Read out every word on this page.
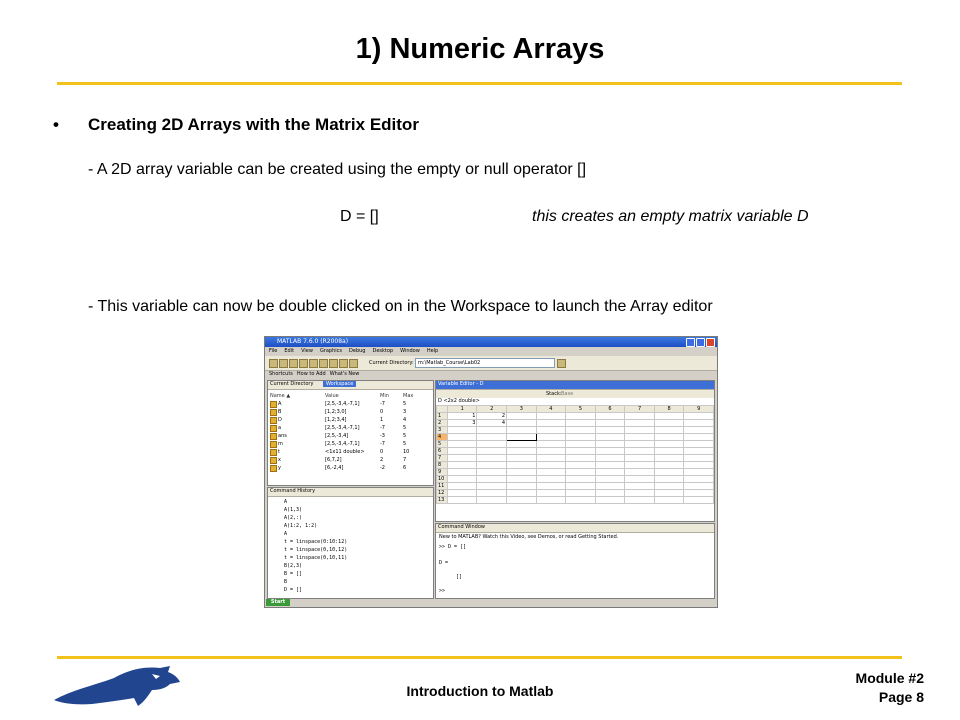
1) Numeric Arrays
• Creating 2D Arrays with the Matrix Editor
- A 2D array variable can be created using the empty or null operator []
D = []	this creates an empty matrix variable D
- This variable can now be double clicked on in the Workspace to launch the Array editor
MATLAB 7.6.0 (R2008a)
File Edit View Graphics Debug Desktop Window Help
Current Directory: m:\Matlab_Course\Lab02
Shortcuts How to Add What's New
Current Directory	Workspace
Name ▲	Value	Min	Max
A	[2,5,-3,4,-7,1]	-7	5
B	[1,2;3,0]	0	3
D	[1,2;3,4]	1	4
a	[2,5,-3,4,-7,1]	-7	5
ans	[2,5,-3,4]	-3	5
m	[2,5,-3,4,-7,1]	-7	5
t	<1x11 double>	0	10
x	[6,7,2]	2	7
y	[6,-2,4]	-2	6
Command History
A
A(1,3)
A(2,:)
A(1:2, 1:2)
A
t = linspace(0:10:12)
t = linspace(0,10,12)
t = linspace(0,10,11)
B(2,3)
B = []
B
D = []
Variable Editor - D
Stack: Base
D <2x2 double>
	1	2	3	4	5	6	7	8	9
1	1	2							
2	3	4							
3									
4									
5									
6									
7									
8									
9									
10									
11									
12									
13									
Command Window
New to MATLAB? Watch this Video, see Demos, or read Getting Started.
>> D = []
D =
[]
>>
Start
Introduction to Matlab
Module #2
Page 8
